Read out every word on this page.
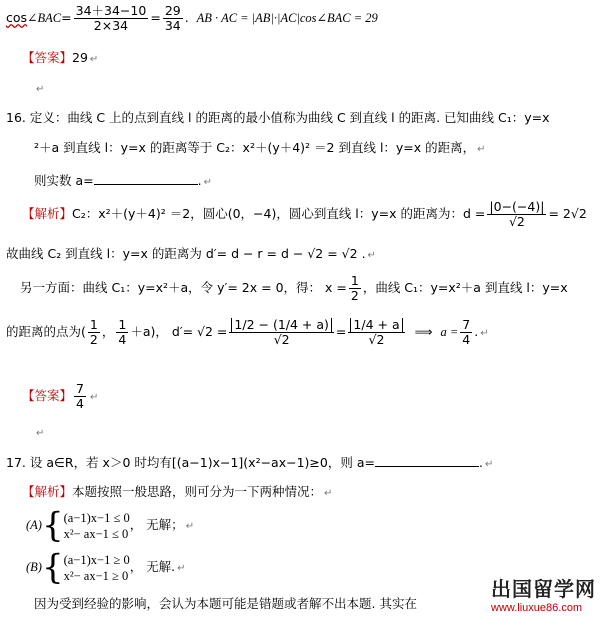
cos∠BAC= $\frac{34+34-10}{2\times 34} = \frac{29}{34}$ . AB · AC = |AB|·|AC|cos∠BAC = 29
【答案】29 ↵
↵
16. 定义：曲线 C 上的点到直线 l 的距离的最小值称为曲线 C 到直线 l 的距离. 已知曲线 C₁：y=x
²＋a 到直线 l：y=x 的距离等于 C₂：x²＋(y＋4)² ＝2 到直线 l：y=x 的距离， ↵
则实数 a=	. ↵
【解析】C₂：x²＋(y＋4)² ＝2，圆心(0，−4)，圆心到直线 l：y=x 的距离为：$d = \frac{|0-(-4)|}{√2} = 2√2$
故曲线 C₂ 到直线 l：y=x 的距离为 d′= d − r = d − √2 = √2 . ↵
另一方面：曲线 C₁：y=x²＋a，令 y′= 2x = 0，得： $x = \frac{1}{2}$ ，曲线 C₁：y=x²＋a 到直线 l：y=x
的距离的点为( $\frac{1}{2}$ ， $\frac{1}{4} +a$)， $d'= √2 = \frac{1/2 - (1/4 + a)}{√2} = \frac{1/4 + a}{√2}$ ⟹ $a = \frac{7}{4}$ . ↵
【答案】 $\frac{7}{4}$ ↵
↵
17. 设 a∈R，若 x＞0 时均有[(a−1)x−1](x²−ax−1)≥0，则 a=	. ↵
【解析】本题按照一般思路，则可分为一下两种情况： ↵
(A){ (a−1)x−1 ≤ 0
x²− ax−1 ≤ 0
， 无解； ↵
(B){ (a−1)x−1 ≥ 0
x²− ax−1 ≥ 0
， 无解. ↵
因为受到经验的影响，会认为本题可能是错题或者解不出本题. 其实在
出国留学网
www.liuxue86.com
